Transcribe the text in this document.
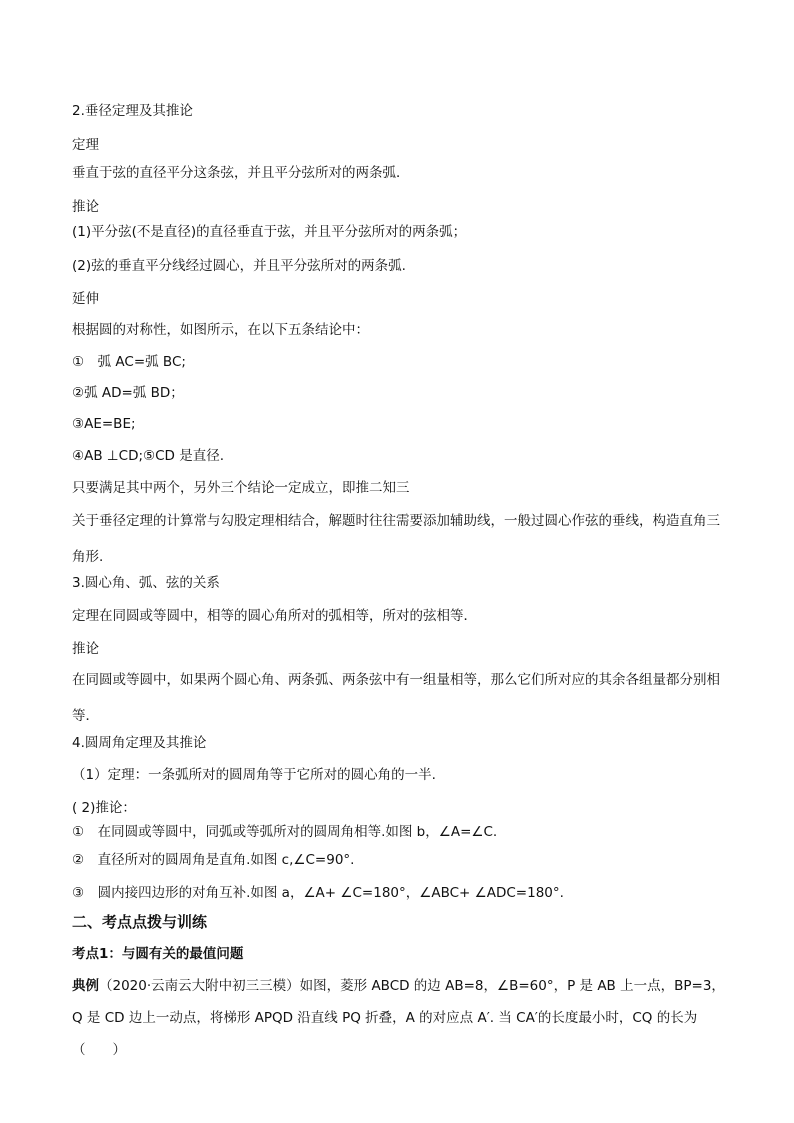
2.垂径定理及其推论
定理
垂直于弦的直径平分这条弦，并且平分弦所对的两条弧．
推论
(1)平分弦(不是直径)的直径垂直于弦，并且平分弦所对的两条弧；
(2)弦的垂直平分线经过圆心，并且平分弦所对的两条弧.
延伸
根据圆的对称性，如图所示，在以下五条结论中：
①　弧 AC=弧 BC;
②弧 AD=弧 BD；
③AE=BE;
④AB ⊥CD;⑤CD 是直径.
只要满足其中两个，另外三个结论一定成立，即推二知三
关于垂径定理的计算常与勾股定理相结合，解题时往往需要添加辅助线，一般过圆心作弦的垂线，构造直角三角形.
3.圆心角、弧、弦的关系
定理在同圆或等圆中，相等的圆心角所对的弧相等，所对的弦相等．
推论
在同圆或等圆中，如果两个圆心角、两条弧、两条弦中有一组量相等，那么它们所对应的其余各组量都分别相等．
4.圆周角定理及其推论
（1）定理：一条弧所对的圆周角等于它所对的圆心角的一半.
( 2)推论：
①　在同圆或等圆中，同弧或等弧所对的圆周角相等.如图 b，∠A=∠C.
②　直径所对的圆周角是直角.如图 c,∠C=90°.
③　圆内接四边形的对角互补.如图 a，∠A+ ∠C=180°，∠ABC+ ∠ADC=180°.
二、考点点拨与训练
考点1：与圆有关的最值问题
典例（2020·云南云大附中初三三模）如图，菱形 ABCD 的边 AB=8，∠B=60°，P 是 AB 上一点，BP=3，Q 是 CD 边上一动点，将梯形 APQD 沿直线 PQ 折叠，A 的对应点 A′. 当 CA′的长度最小时，CQ 的长为（　　）
